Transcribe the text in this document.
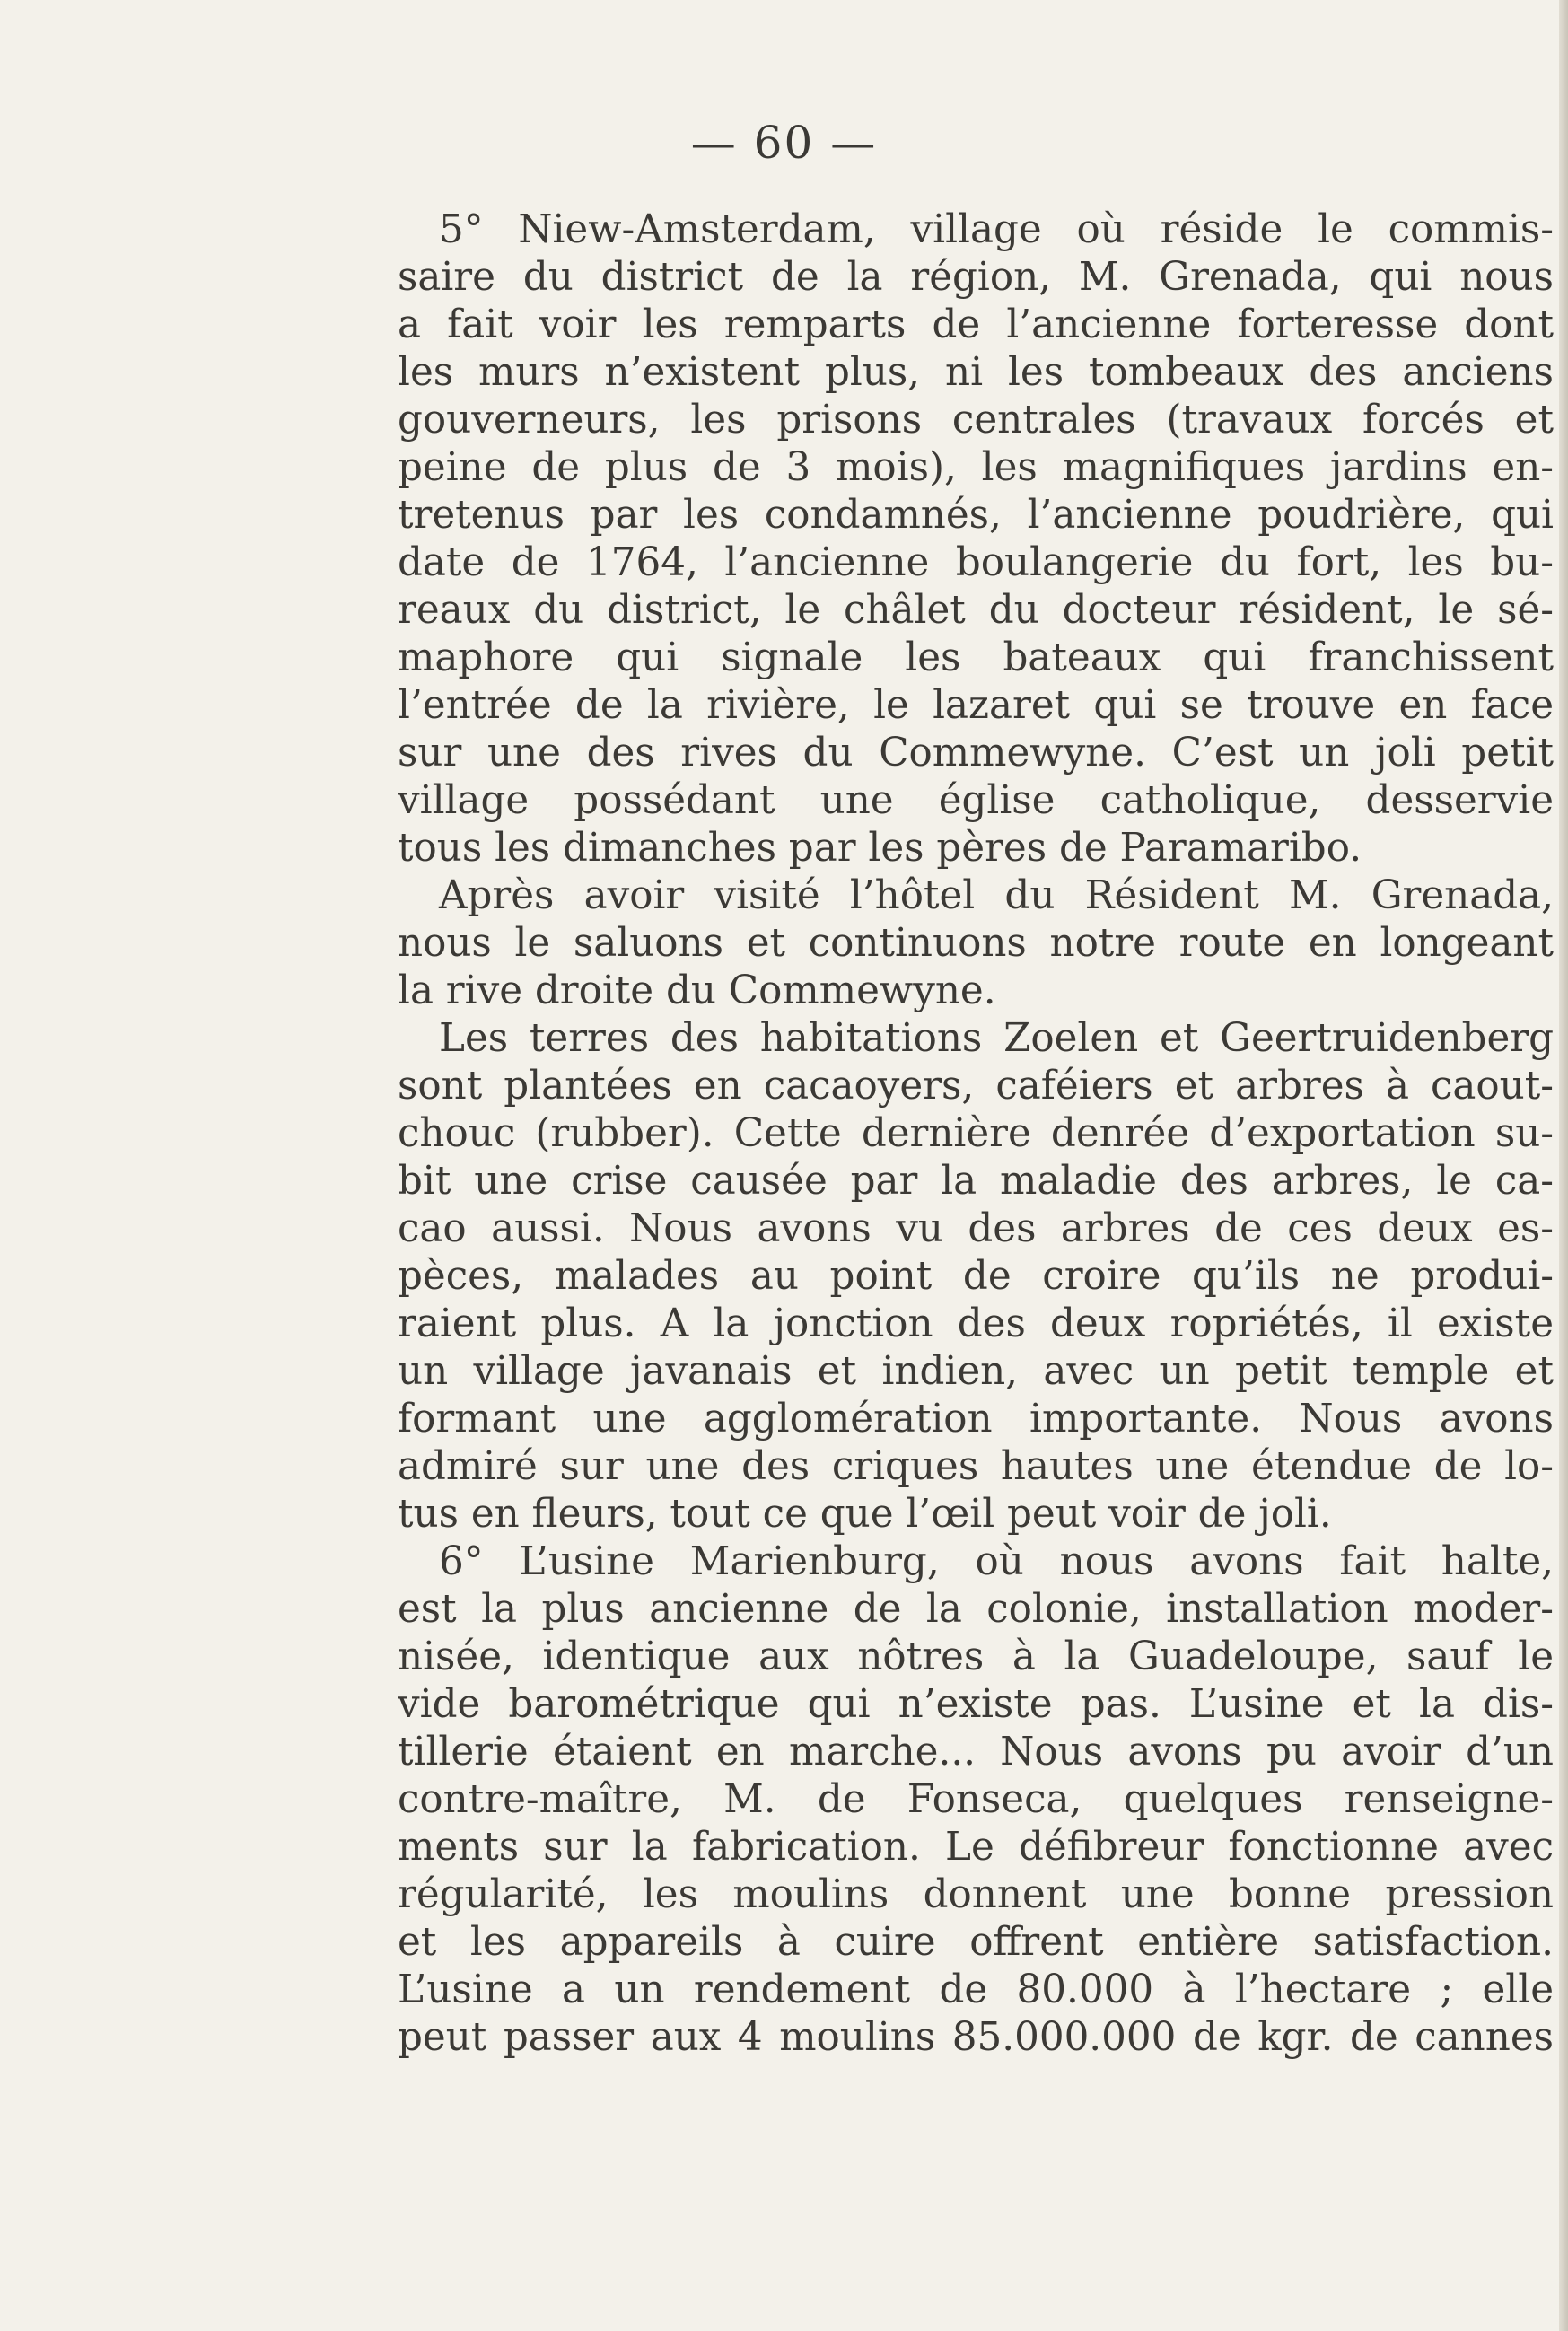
— 60 —
5° Niew-Amsterdam, village où réside le commis-
saire du district de la région, M. Grenada, qui nous
a fait voir les remparts de l’ancienne forteresse dont
les murs n’existent plus, ni les tombeaux des anciens
gouverneurs, les prisons centrales (travaux forcés et
peine de plus de 3 mois), les magnifiques jardins en-
tretenus par les condamnés, l’ancienne poudrière, qui
date de 1764, l’ancienne boulangerie du fort, les bu-
reaux du district, le châlet du docteur résident, le sé-
maphore qui signale les bateaux qui franchissent
l’entrée de la rivière, le lazaret qui se trouve en face
sur une des rives du Commewyne. C’est un joli petit
village possédant une église catholique, desservie
tous les dimanches par les pères de Paramaribo.
Après avoir visité l’hôtel du Résident M. Grenada,
nous le saluons et continuons notre route en longeant
la rive droite du Commewyne.
Les terres des habitations Zoelen et Geertruidenberg
sont plantées en cacaoyers, caféiers et arbres à caout-
chouc (rubber). Cette dernière denrée d’exportation su-
bit une crise causée par la maladie des arbres, le ca-
cao aussi. Nous avons vu des arbres de ces deux es-
pèces, malades au point de croire qu’ils ne produi-
raient plus. A la jonction des deux ropriétés, il existe
un village javanais et indien, avec un petit temple et
formant une agglomération importante. Nous avons
admiré sur une des criques hautes une étendue de lo-
tus en fleurs, tout ce que l’œil peut voir de joli.
6° L’usine Marienburg, où nous avons fait halte,
est la plus ancienne de la colonie, installation moder-
nisée, identique aux nôtres à la Guadeloupe, sauf le
vide barométrique qui n’existe pas. L’usine et la dis-
tillerie étaient en marche... Nous avons pu avoir d’un
contre-maître, M. de Fonseca, quelques renseigne-
ments sur la fabrication. Le défibreur fonctionne avec
régularité, les moulins donnent une bonne pression
et les appareils à cuire offrent entière satisfaction.
L’usine a un rendement de 80.000 à l’hectare ; elle
peut passer aux 4 moulins 85.000.000 de kgr. de cannes
